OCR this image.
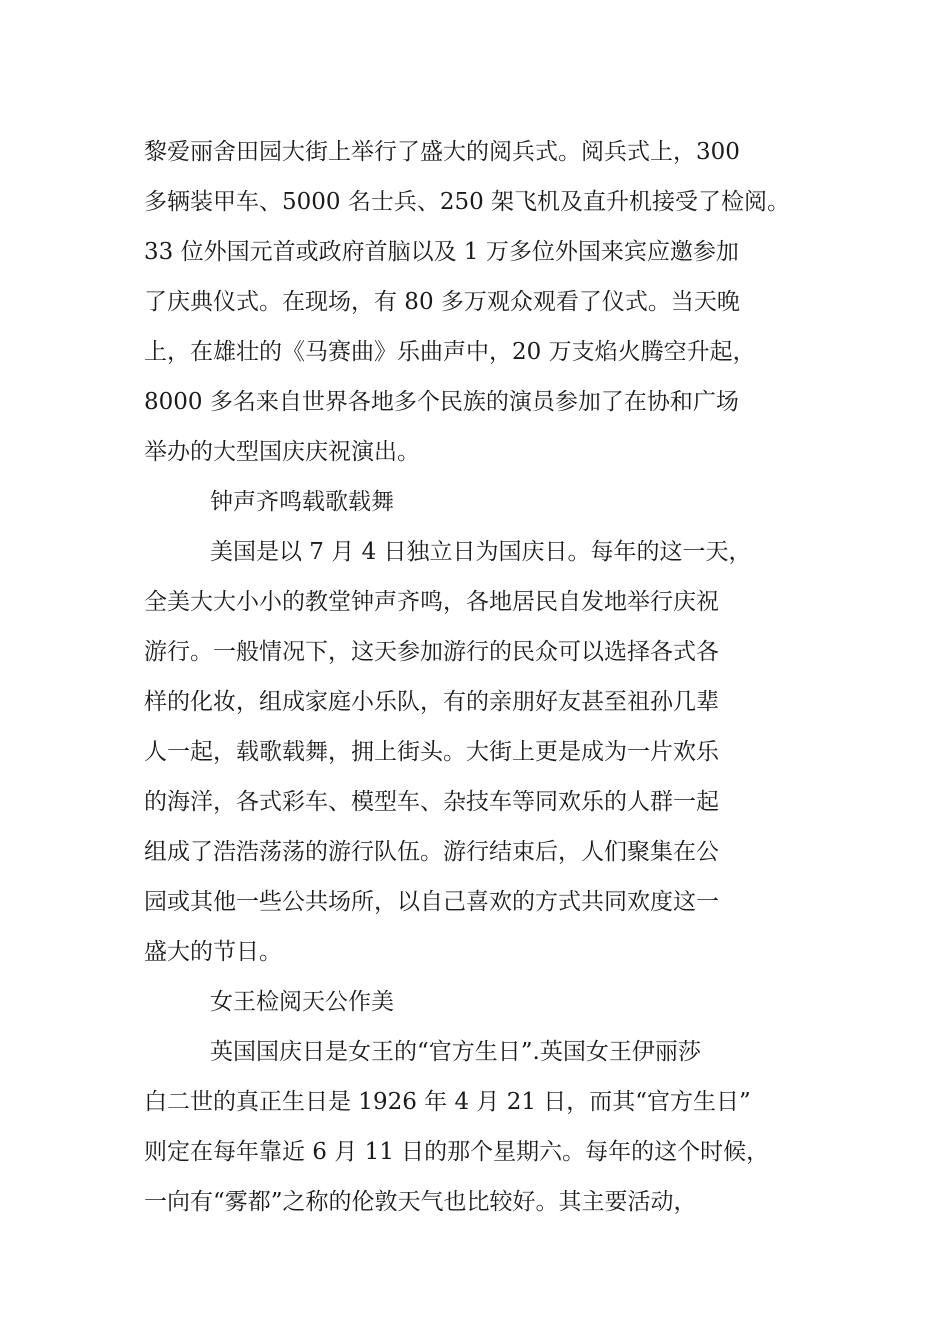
黎爱丽舍田园大街上举行了盛大的阅兵式。阅兵式上，300
多辆装甲车、5000 名士兵、250 架飞机及直升机接受了检阅。
33 位外国元首或政府首脑以及 1 万多位外国来宾应邀参加
了庆典仪式。在现场，有 80 多万观众观看了仪式。当天晚
上，在雄壮的《马赛曲》乐曲声中，20 万支焰火腾空升起，
8000 多名来自世界各地多个民族的演员参加了在协和广场
举办的大型国庆庆祝演出。
钟声齐鸣载歌载舞
美国是以 7 月 4 日独立日为国庆日。每年的这一天，
全美大大小小的教堂钟声齐鸣，各地居民自发地举行庆祝
游行。一般情况下，这天参加游行的民众可以选择各式各
样的化妆，组成家庭小乐队，有的亲朋好友甚至祖孙几辈
人一起，载歌载舞，拥上街头。大街上更是成为一片欢乐
的海洋，各式彩车、模型车、杂技车等同欢乐的人群一起
组成了浩浩荡荡的游行队伍。游行结束后，人们聚集在公
园或其他一些公共场所，以自己喜欢的方式共同欢度这一
盛大的节日。
女王检阅天公作美
英国国庆日是女王的“官方生日”.英国女王伊丽莎
白二世的真正生日是 1926 年 4 月 21 日，而其“官方生日”
则定在每年靠近 6 月 11 日的那个星期六。每年的这个时候，
一向有“雾都”之称的伦敦天气也比较好。其主要活动，
